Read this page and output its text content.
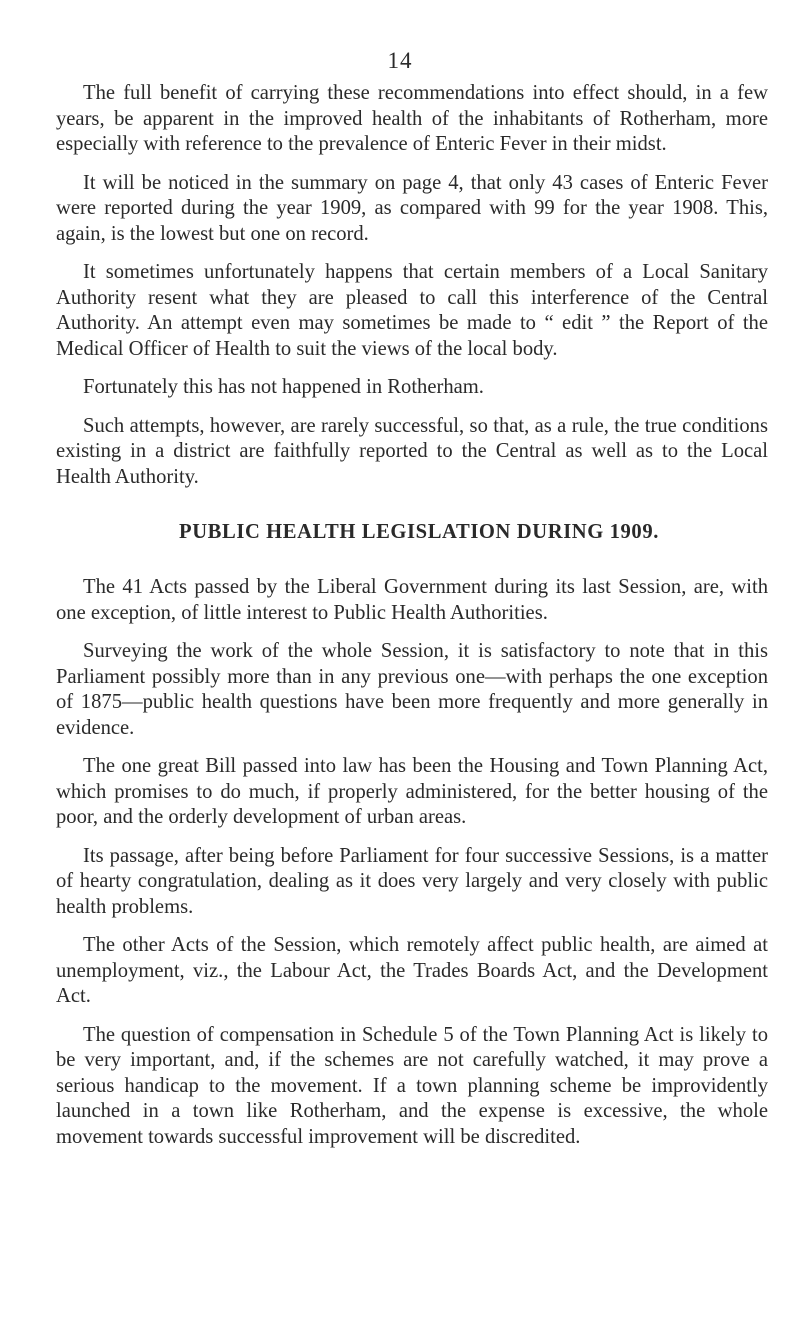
14

The full benefit of carrying these recommendations into effect should, in a few years, be apparent in the improved health of the inhabitants of Rotherham, more especially with reference to the prevalence of Enteric Fever in their midst.

It will be noticed in the summary on page 4, that only 43 cases of Enteric Fever were reported during the year 1909, as compared with 99 for the year 1908. This, again, is the lowest but one on record.

It sometimes unfortunately happens that certain members of a Local Sanitary Authority resent what they are pleased to call this interference of the Central Authority. An attempt even may sometimes be made to “ edit ” the Report of the Medical Officer of Health to suit the views of the local body.

Fortunately this has not happened in Rotherham.

Such attempts, however, are rarely successful, so that, as a rule, the true conditions existing in a district are faithfully reported to the Central as well as to the Local Health Authority.

PUBLIC HEALTH LEGISLATION DURING 1909.

The 41 Acts passed by the Liberal Government during its last Session, are, with one exception, of little interest to Public Health Authorities.

Surveying the work of the whole Session, it is satisfactory to note that in this Parliament possibly more than in any previous one—with perhaps the one exception of 1875—public health questions have been more frequently and more generally in evidence.

The one great Bill passed into law has been the Housing and Town Planning Act, which promises to do much, if properly administered, for the better housing of the poor, and the orderly development of urban areas.

Its passage, after being before Parliament for four successive Sessions, is a matter of hearty congratulation, dealing as it does very largely and very closely with public health problems.

The other Acts of the Session, which remotely affect public health, are aimed at unemployment, viz., the Labour Act, the Trades Boards Act, and the Development Act.

The question of compensation in Schedule 5 of the Town Planning Act is likely to be very important, and, if the schemes are not carefully watched, it may prove a serious handicap to the movement. If a town planning scheme be improvidently launched in a town like Rotherham, and the expense is excessive, the whole movement towards successful improvement will be discredited.
